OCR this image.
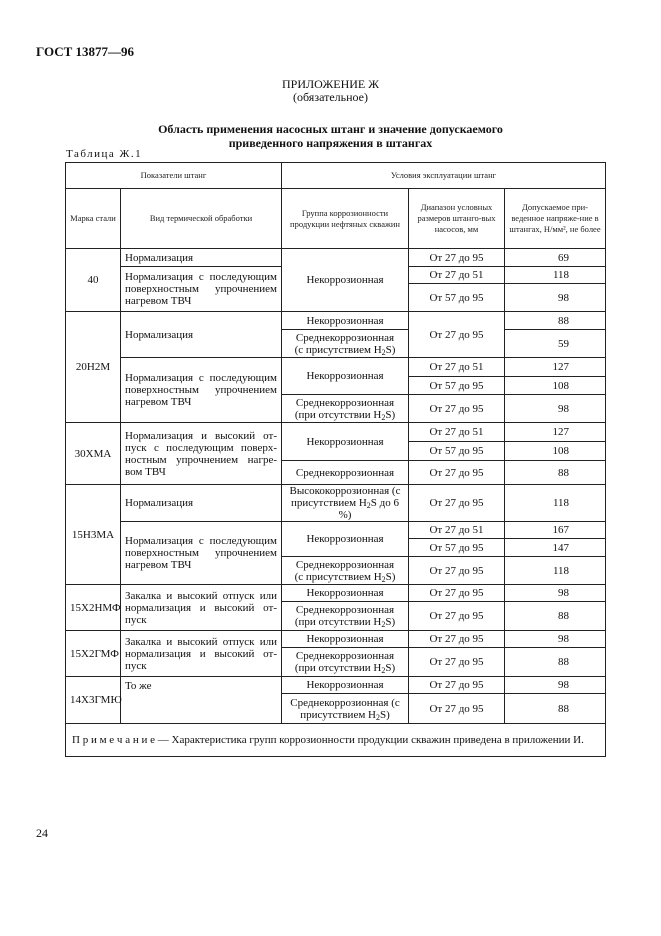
ГОСТ 13877—96
ПРИЛОЖЕНИЕ Ж
(обязательное)
Область применения насосных штанг и значение допускаемого
приведенного напряжения в штангах
Таблица Ж.1
Показатели штанг		Условия эксплуатации штанг		
Марка стали	Вид термической обработки	Группа коррозионности продукции нефтяных скважин	Диапазон условных размеров штанго-вых насосов, мм	Допускаемое при-веденное напряже-ние в штангах, Н/мм², не более
40	Нормализация	Некоррозионная	От 27 до 95	69
	Нормализация с последующим поверхностным упрочнением нагревом ТВЧ		От 27 до 51	118
			От 57 до 95	98
20Н2М	Нормализация	Некоррозионная	От 27 до 95	88
		Среднекоррозионная
(с присутствием $H_2S$)		59
	Нормализация с последующим поверхностным упрочнением нагревом ТВЧ	Некоррозионная	От 27 до 51	127
			От 57 до 95	108
		Среднекоррозионная
(при отсутствии $H_2S$)	От 27 до 95	98

30ХМА	Нормализация и высокий от-пуск с последующим поверх-ностным упрочнением нагре-вом ТВЧ	Некоррозионная	От 27 до 51	127
			От 57 до 95	108
		Среднекоррозионная	От 27 до 95	88
15Н3МА	Нормализация	Высококоррозионная (с
присутствием $H_2S$ до 6 %)	От 27 до 95	118
	Нормализация с последующим поверхностным упрочнением нагревом ТВЧ	Некоррозионная	От 27 до 51	167
			От 57 до 95	147
		Среднекоррозионная
(с присутствием $H_2S$)	От 27 до 95	118
15Х2НМФ	Закалка и высокий отпуск или нормализация и высокий от-пуск	Некоррозионная	От 27 до 95	98
		Среднекоррозионная
(при отсутствии $H_2S$)	От 27 до 95	88
15Х2ГМФ	Закалка и высокий отпуск или нормализация и высокий от-пуск	Некоррозионная	От 27 до 95	98
		Среднекоррозионная
(при отсутствии $H_2S$)	От 27 до 95	88
14Х3ГМЮ	То же	Некоррозионная	От 27 до 95	98
		Среднекоррозионная (с
присутствием $H_2S$)	От 27 до 95	88
П р и м е ч а н и е — Характеристика групп коррозионности продукции скважин приведена в приложении И.				
24
